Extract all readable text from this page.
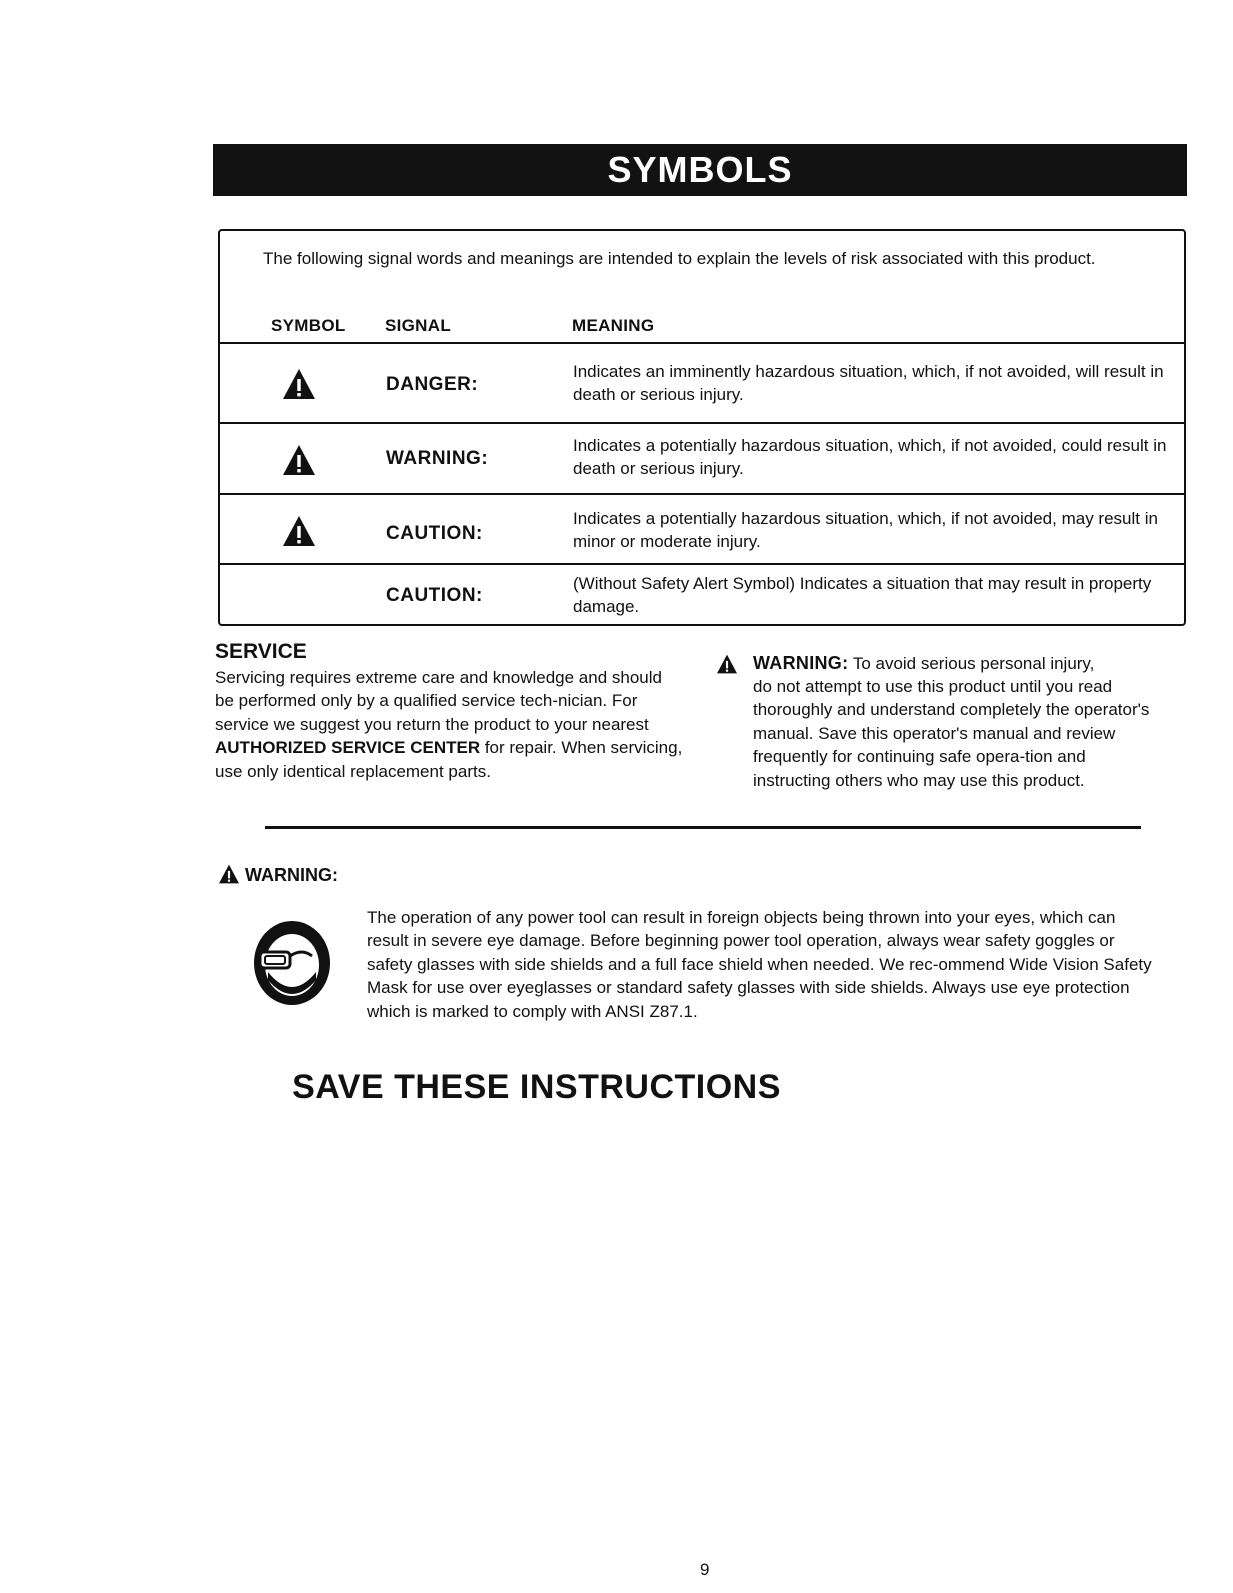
SYMBOLS
The following signal words and meanings are intended to explain the levels of risk associated with this product.
SYMBOL SIGNAL	MEANING
DANGER:
Indicates an imminently hazardous situation, which, if not avoided, will result in death or serious injury.
WARNING:
Indicates a potentially hazardous situation, which, if not avoided, could result in death or serious injury.
CAUTION:
Indicates a potentially hazardous situation, which, if not avoided, may result in minor or moderate injury.
CAUTION:
(Without Safety Alert Symbol) Indicates a situation that may result in property damage.
SERVICE
Servicing requires extreme care and knowledge and should be performed only by a qualified service tech-nician. For service we suggest you return the product to your nearest AUTHORIZED SERVICE CENTER for repair. When servicing, use only identical replacement parts.
WARNING: To avoid serious personal injury,
do not attempt to use this product until you read thoroughly and understand completely the operator's manual. Save this operator's manual and review frequently for continuing safe opera-tion and instructing others who may use this product.
WARNING:
The operation of any power tool can result in foreign objects being thrown into your eyes, which can result in severe eye damage. Before beginning power tool operation, always wear safety goggles or safety glasses with side shields and a full face shield when needed. We rec-ommend Wide Vision Safety Mask for use over eyeglasses or standard safety glasses with side shields. Always use eye protection which is marked to comply with ANSI Z87.1.
SAVE THESE INSTRUCTIONS
9
